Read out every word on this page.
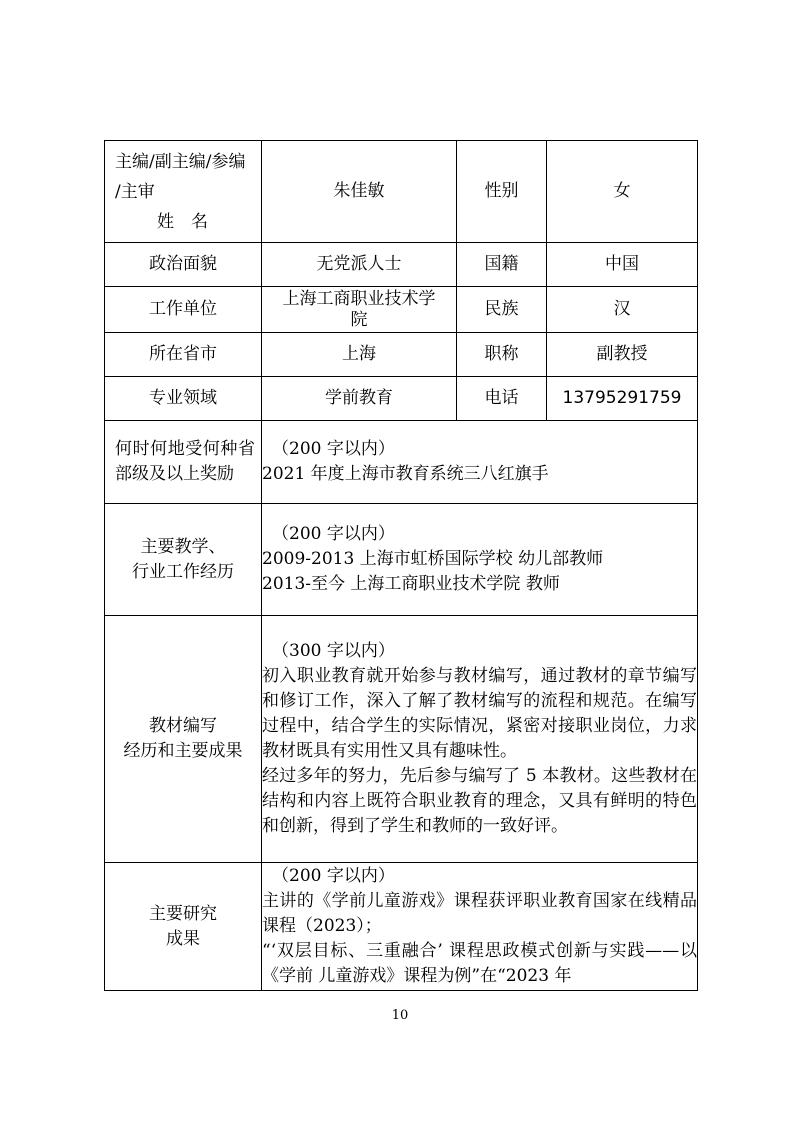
主编/副主编/参编
/主审
姓　名	朱佳敏	性别	女
政治面貌	无党派人士	国籍	中国
工作单位	上海工商职业技术学院	民族	汉
所在省市	上海	职称	副教授
专业领域	学前教育	电话	13795291759
何时何地受何种省部级及以上奖励	（200 字以内）
2021 年度上海市教育系统三八红旗手		

主要教学、
行业工作经历	（200 字以内）
2009-2013 上海市虹桥国际学校 幼儿部教师
2013-至今 上海工商职业技术学院 教师		

教材编写
经历和主要成果	（300 字以内）
初入职业教育就开始参与教材编写，通过教材的章节编写和修订工作，深入了解了教材编写的流程和规范。在编写过程中，结合学生的实际情况，紧密对接职业岗位，力求教材既具有实用性又具有趣味性。
经过多年的努力，先后参与编写了 5 本教材。这些教材在结构和内容上既符合职业教育的理念，又具有鲜明的特色和创新，得到了学生和教师的一致好评。		

主要研究
成果	（200 字以内）
主讲的《学前儿童游戏》课程获评职业教育国家在线精品课程（2023）；
“‘双层目标、三重融合’ 课程思政模式创新与实践——以《学前 儿童游戏》课程为例”在“2023 年		
10
